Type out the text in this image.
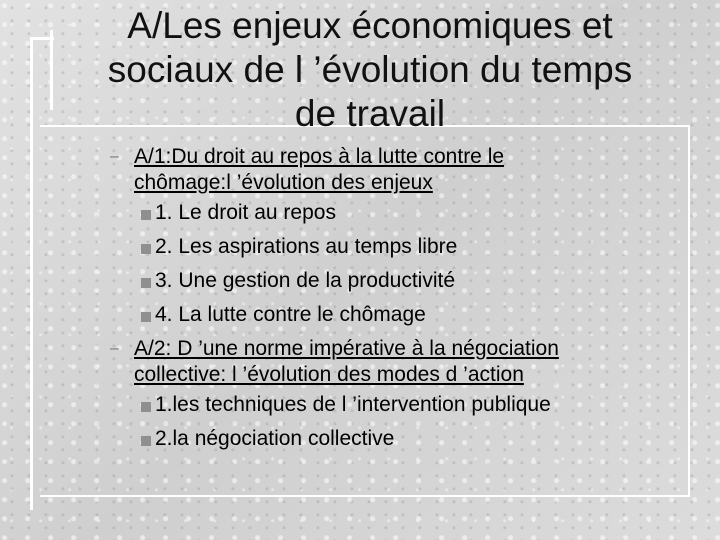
A/Les enjeux économiques et
sociaux de l ’évolution du temps
de travail
– A/1:Du droit au repos à la lutte contre le
chômage:l ’évolution des enjeux
1. Le droit au repos
2. Les aspirations au temps libre
3. Une gestion de la productivité
4. La lutte contre le chômage
– A/2: D ’une norme impérative à la négociation
collective: l ’évolution des modes d ’action
1.les techniques de l ’intervention publique
2.la négociation collective
